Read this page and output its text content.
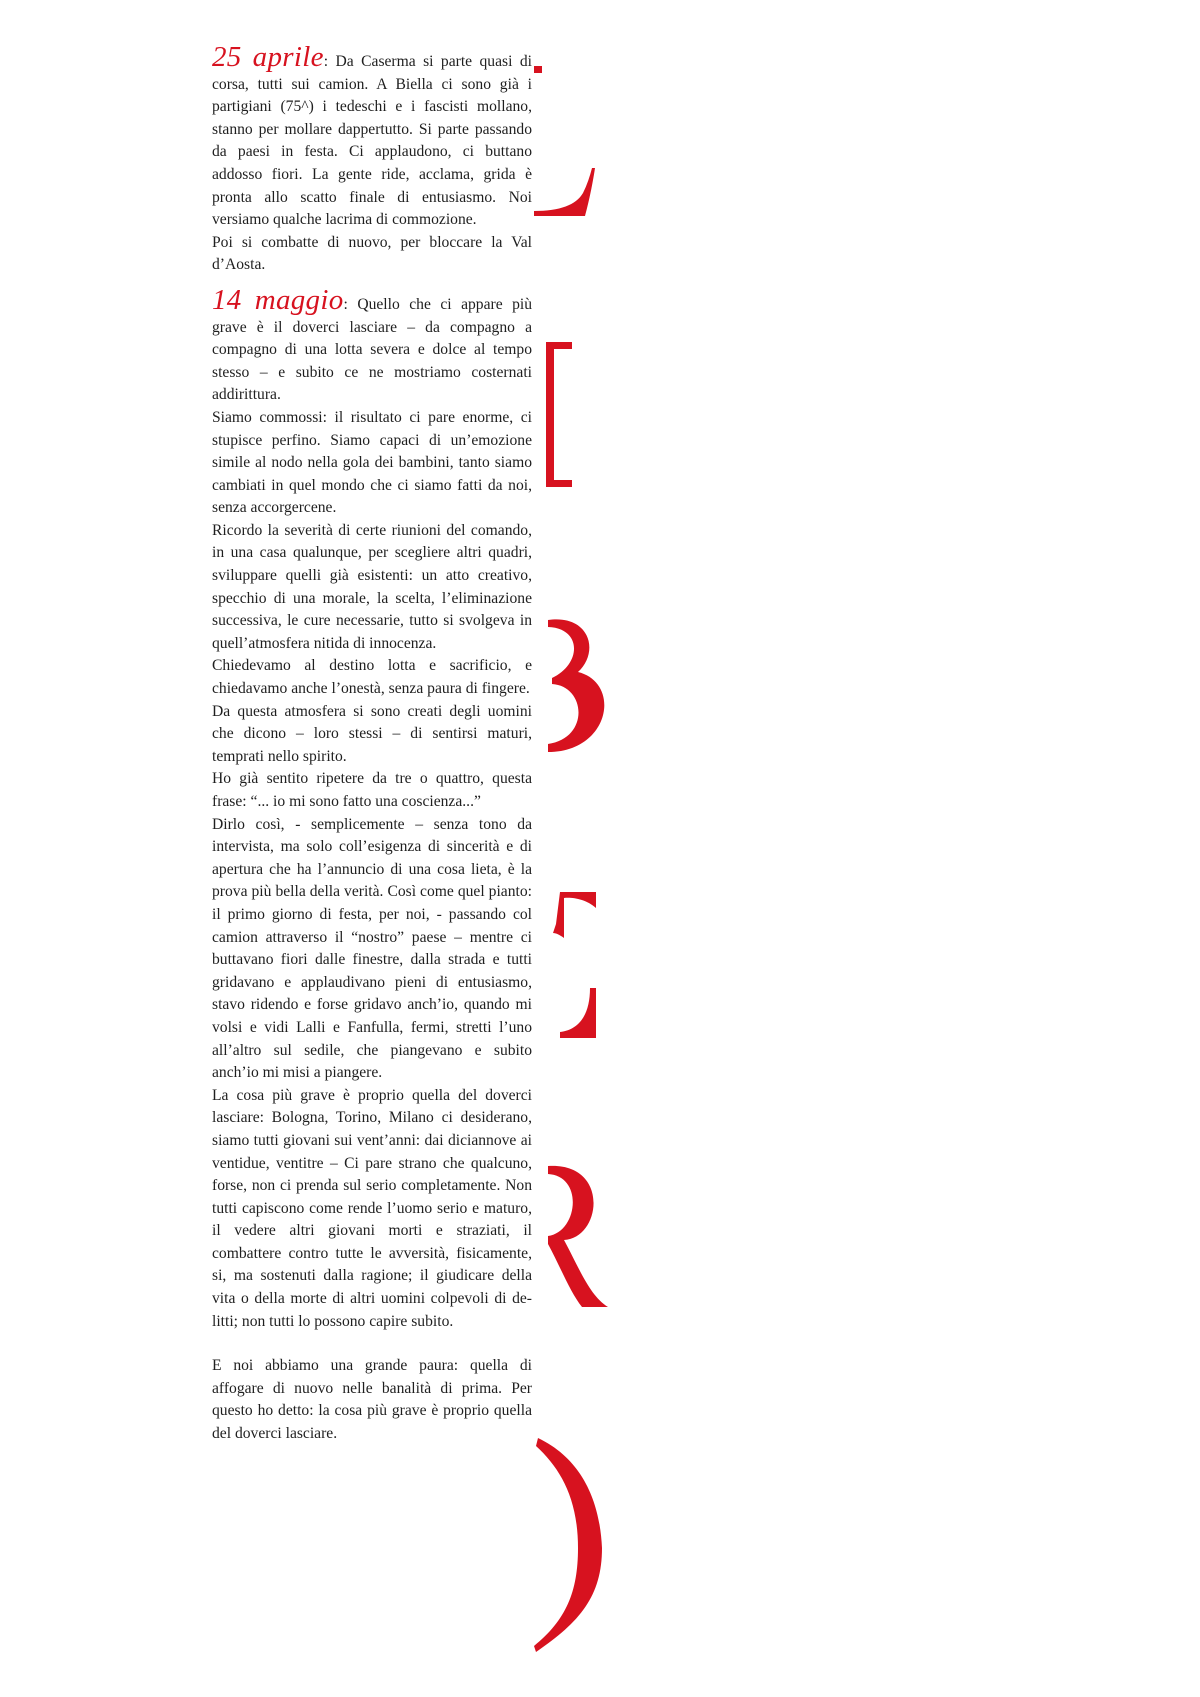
25 aprile: Da Caserma si parte quasi di corsa, tutti sui camion. A Biella ci sono già i partigiani (75^) i tedeschi e i fascisti mollano, stanno per mollare dappertutto. Si parte passando da paesi in festa. Ci applaudono, ci buttano addosso fiori. La gente ride, acclama, grida è pronta allo scatto finale di entusiasmo. Noi versiamo qualche lacrima di commozione.

Poi si combatte di nuovo, per bloccare la Val d’Aosta.

14 maggio: Quello che ci appare più grave è il doverci lasciare – da compagno a compagno di una lotta severa e dolce al tempo stesso – e subito ce ne mostriamo costernati addirittura.

Siamo commossi: il risultato ci pare enorme, ci stupisce perfino. Siamo capaci di un’emozione simile al nodo nella gola dei bambini, tanto siamo cambiati in quel mondo che ci siamo fatti da noi, senza accorgercene.

Ricordo la severità di certe riunioni del comando, in una casa qualunque, per scegliere altri quadri, sviluppare quelli già esistenti: un atto creativo, specchio di una morale, la scelta, l’eliminazione successiva, le cure necessarie, tutto si svolgeva in quell’atmosfera nitida di innocenza.

Chiedevamo al destino lotta e sacrificio, e chiedavamo anche l’onestà, senza paura di fingere.

Da questa atmosfera si sono creati degli uomini che dicono – loro stessi – di sentirsi maturi, temprati nello spirito.

Ho già sentito ripetere da tre o quattro, questa frase: “... io mi sono fatto una coscienza...”

Dirlo così, - semplicemente – senza tono da intervista, ma solo coll’esigenza di sincerità e di apertura che ha l’annuncio di una cosa lieta, è la prova più bella della verità. Così come quel pianto: il primo giorno di festa, per noi, - passando col camion attraverso il “nostro” paese – mentre ci buttavano fiori dalle finestre, dalla strada e tutti gridavano e applaudivano pieni di entusiasmo, stavo ridendo e forse gridavo anch’io, quando mi volsi e vidi Lalli e Fanfulla, fermi, stretti l’uno all’altro sul sedile, che piangevano e subito anch’io mi misi a piangere.

La cosa più grave è proprio quella del doverci lasciare: Bologna, Torino, Milano ci desiderano, siamo tutti giovani sui vent’anni: dai diciannove ai ventidue, ventitre – Ci pare strano che qualcuno, forse, non ci prenda sul serio completamente. Non tutti capiscono come rende l’uomo serio e maturo, il vedere altri giovani morti e straziati, il combattere contro tutte le avversità, fisicamente, si, ma sostenuti dalla ragione; il giudicare della vita o della morte di altri uomini colpevoli di delitti; non tutti lo possono capire subito.

E noi abbiamo una grande paura: quella di affogare di nuovo nelle banalità di prima. Per questo ho detto: la cosa più grave è proprio quella del doverci lasciare.
